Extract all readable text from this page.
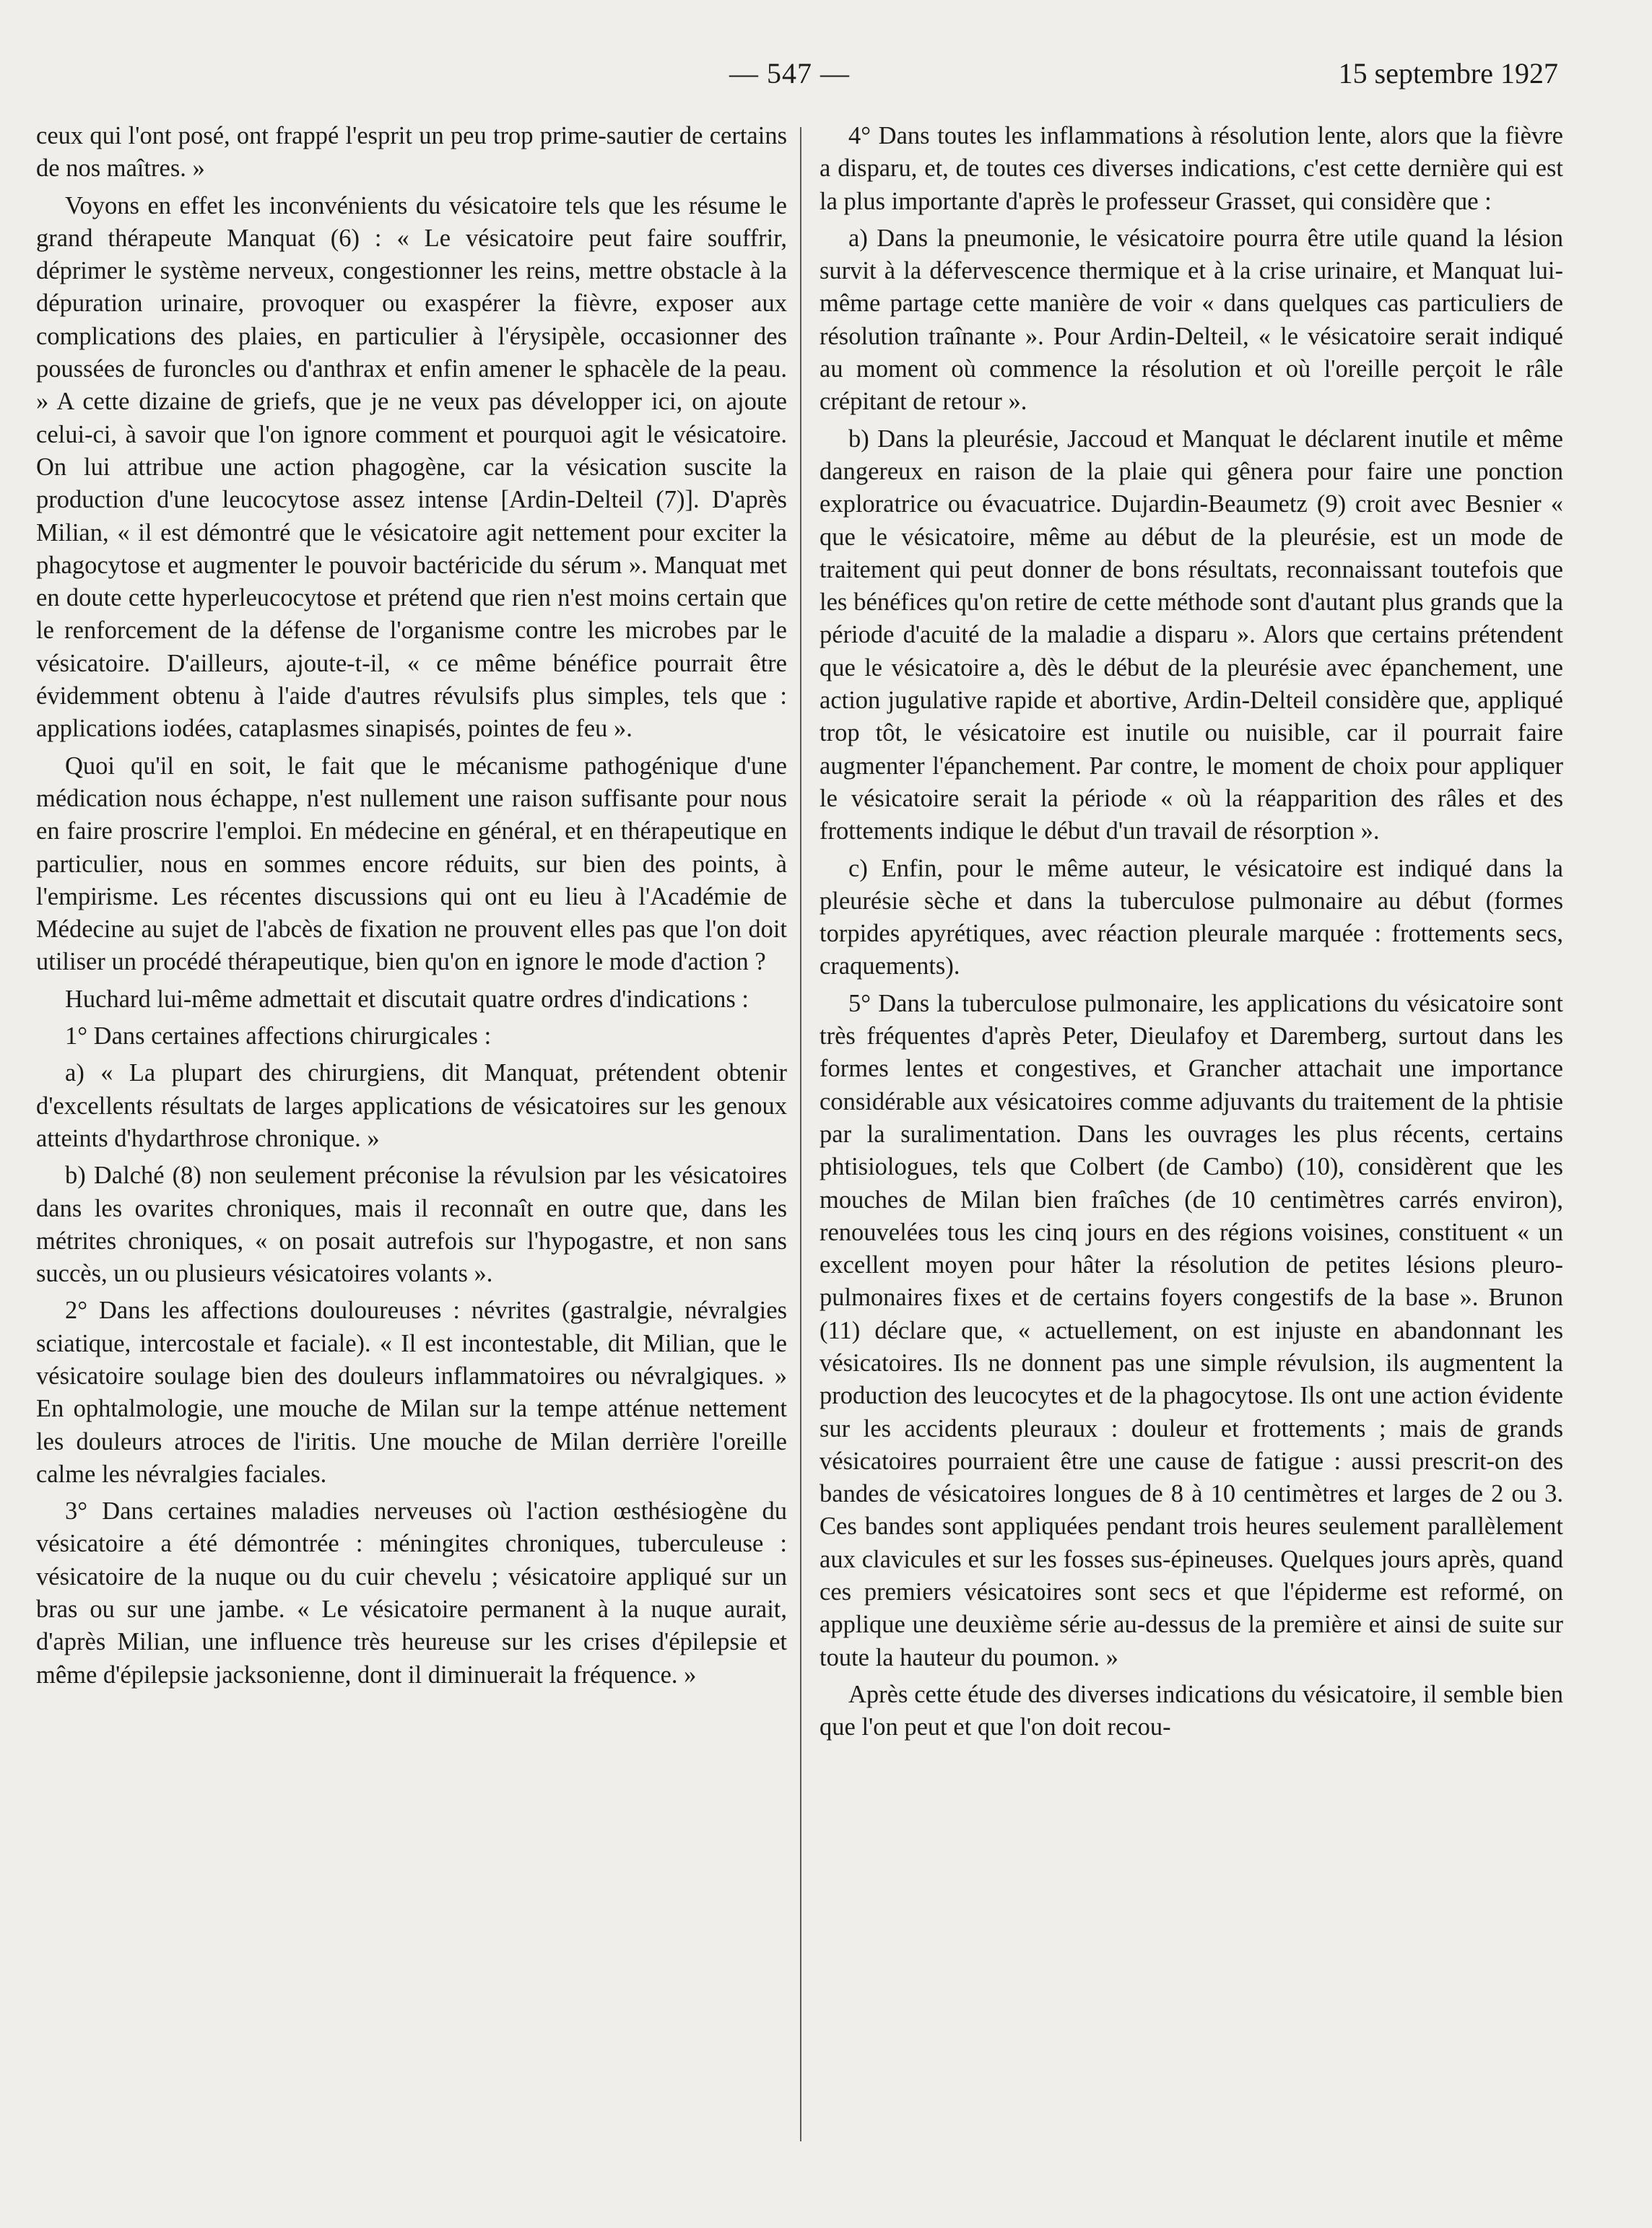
— 547 —	15 septembre 1927

ceux qui l'ont posé, ont frappé l'esprit un peu trop prime-sautier de certains de nos maîtres. »

Voyons en effet les inconvénients du vésicatoire tels que les résume le grand thérapeute Manquat (6) : « Le vésicatoire peut faire souffrir, déprimer le système nerveux, congestionner les reins, mettre obstacle à la dépuration urinaire, provoquer ou exaspérer la fièvre, exposer aux complications des plaies, en particulier à l'érysipèle, occasionner des poussées de furoncles ou d'anthrax et enfin amener le sphacèle de la peau. » A cette dizaine de griefs, que je ne veux pas développer ici, on ajoute celui-ci, à savoir que l'on ignore comment et pourquoi agit le vésicatoire. On lui attribue une action phagogène, car la vésication suscite la production d'une leucocytose assez intense [Ardin-Delteil (7)]. D'après Milian, « il est démontré que le vésicatoire agit nettement pour exciter la phagocytose et augmenter le pouvoir bactéricide du sérum ». Manquat met en doute cette hyperleucocytose et prétend que rien n'est moins certain que le renforcement de la défense de l'organisme contre les microbes par le vésicatoire. D'ailleurs, ajoute-t-il, « ce même bénéfice pourrait être évidemment obtenu à l'aide d'autres révulsifs plus simples, tels que : applications iodées, cataplasmes sinapisés, pointes de feu ».

Quoi qu'il en soit, le fait que le mécanisme pathogénique d'une médication nous échappe, n'est nullement une raison suffisante pour nous en faire proscrire l'emploi. En médecine en général, et en thérapeutique en particulier, nous en sommes encore réduits, sur bien des points, à l'empirisme. Les récentes discussions qui ont eu lieu à l'Académie de Médecine au sujet de l'abcès de fixation ne prouvent elles pas que l'on doit utiliser un procédé thérapeutique, bien qu'on en ignore le mode d'action ?

Huchard lui-même admettait et discutait quatre ordres d'indications :

1° Dans certaines affections chirurgicales :

a) « La plupart des chirurgiens, dit Manquat, prétendent obtenir d'excellents résultats de larges applications de vésicatoires sur les genoux atteints d'hydarthrose chronique. »

b) Dalché (8) non seulement préconise la révulsion par les vésicatoires dans les ovarites chroniques, mais il reconnaît en outre que, dans les métrites chroniques, « on posait autrefois sur l'hypogastre, et non sans succès, un ou plusieurs vésicatoires volants ».

2° Dans les affections douloureuses : névrites (gastralgie, névralgies sciatique, intercostale et faciale). « Il est incontestable, dit Milian, que le vésicatoire soulage bien des douleurs inflammatoires ou névralgiques. » En ophtalmologie, une mouche de Milan sur la tempe atténue nettement les douleurs atroces de l'iritis. Une mouche de Milan derrière l'oreille calme les névralgies faciales.

3° Dans certaines maladies nerveuses où l'action œsthésiogène du vésicatoire a été démontrée : méningites chroniques, tuberculeuse : vésicatoire de la nuque ou du cuir chevelu ; vésicatoire appliqué sur un bras ou sur une jambe. « Le vésicatoire permanent à la nuque aurait, d'après Milian, une influence très heureuse sur les crises d'épilepsie et même d'épilepsie jacksonienne, dont il diminuerait la fréquence. »

4° Dans toutes les inflammations à résolution lente, alors que la fièvre a disparu, et, de toutes ces diverses indications, c'est cette dernière qui est la plus importante d'après le professeur Grasset, qui considère que :

a) Dans la pneumonie, le vésicatoire pourra être utile quand la lésion survit à la défervescence thermique et à la crise urinaire, et Manquat lui-même partage cette manière de voir « dans quelques cas particuliers de résolution traînante ». Pour Ardin-Delteil, « le vésicatoire serait indiqué au moment où commence la résolution et où l'oreille perçoit le râle crépitant de retour ».

b) Dans la pleurésie, Jaccoud et Manquat le déclarent inutile et même dangereux en raison de la plaie qui gênera pour faire une ponction exploratrice ou évacuatrice. Dujardin-Beaumetz (9) croit avec Besnier « que le vésicatoire, même au début de la pleurésie, est un mode de traitement qui peut donner de bons résultats, reconnaissant toutefois que les bénéfices qu'on retire de cette méthode sont d'autant plus grands que la période d'acuité de la maladie a disparu ». Alors que certains prétendent que le vésicatoire a, dès le début de la pleurésie avec épanchement, une action jugulative rapide et abortive, Ardin-Delteil considère que, appliqué trop tôt, le vésicatoire est inutile ou nuisible, car il pourrait faire augmenter l'épanchement. Par contre, le moment de choix pour appliquer le vésicatoire serait la période « où la réapparition des râles et des frottements indique le début d'un travail de résorption ».

c) Enfin, pour le même auteur, le vésicatoire est indiqué dans la pleurésie sèche et dans la tuberculose pulmonaire au début (formes torpides apyrétiques, avec réaction pleurale marquée : frottements secs, craquements).

5° Dans la tuberculose pulmonaire, les applications du vésicatoire sont très fréquentes d'après Peter, Dieulafoy et Daremberg, surtout dans les formes lentes et congestives, et Grancher attachait une importance considérable aux vésicatoires comme adjuvants du traitement de la phtisie par la suralimentation. Dans les ouvrages les plus récents, certains phtisiologues, tels que Colbert (de Cambo) (10), considèrent que les mouches de Milan bien fraîches (de 10 centimètres carrés environ), renouvelées tous les cinq jours en des régions voisines, constituent « un excellent moyen pour hâter la résolution de petites lésions pleuro-pulmonaires fixes et de certains foyers congestifs de la base ». Brunon (11) déclare que, « actuellement, on est injuste en abandonnant les vésicatoires. Ils ne donnent pas une simple révulsion, ils augmentent la production des leucocytes et de la phagocytose. Ils ont une action évidente sur les accidents pleuraux : douleur et frottements ; mais de grands vésicatoires pourraient être une cause de fatigue : aussi prescrit-on des bandes de vésicatoires longues de 8 à 10 centimètres et larges de 2 ou 3. Ces bandes sont appliquées pendant trois heures seulement parallèlement aux clavicules et sur les fosses sus-épineuses. Quelques jours après, quand ces premiers vésicatoires sont secs et que l'épiderme est reformé, on applique une deuxième série au-dessus de la première et ainsi de suite sur toute la hauteur du poumon. »

Après cette étude des diverses indications du vésicatoire, il semble bien que l'on peut et que l'on doit recou-
